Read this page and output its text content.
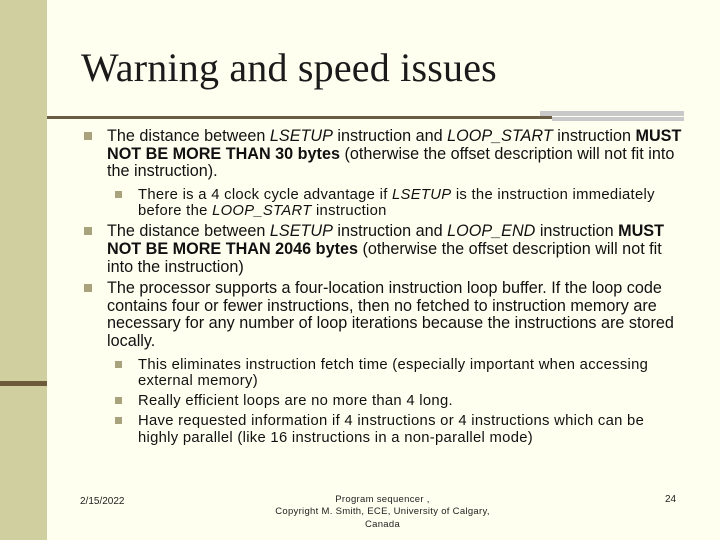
Warning and speed issues
The distance between LSETUP instruction and LOOP_START instruction MUST NOT BE MORE THAN 30 bytes (otherwise the offset description will not fit into the instruction).
There is a 4 clock cycle advantage if LSETUP is the instruction immediately before the LOOP_START instruction
The distance between LSETUP instruction and LOOP_END instruction MUST NOT BE MORE THAN 2046 bytes (otherwise the offset description will not fit into the instruction)
The processor supports a four-location instruction loop buffer. If the loop code contains four or fewer instructions, then no fetched to instruction memory are necessary for any number of loop iterations because the instructions are stored locally.
This eliminates instruction fetch time (especially important when accessing external memory)
Really efficient loops are no more than 4 long.
Have requested information if 4 instructions or 4 instructions which can be highly parallel (like 16 instructions in a non-parallel mode)
2/15/2022	Program sequencer ,
Copyright M. Smith, ECE, University of Calgary,
Canada
24
